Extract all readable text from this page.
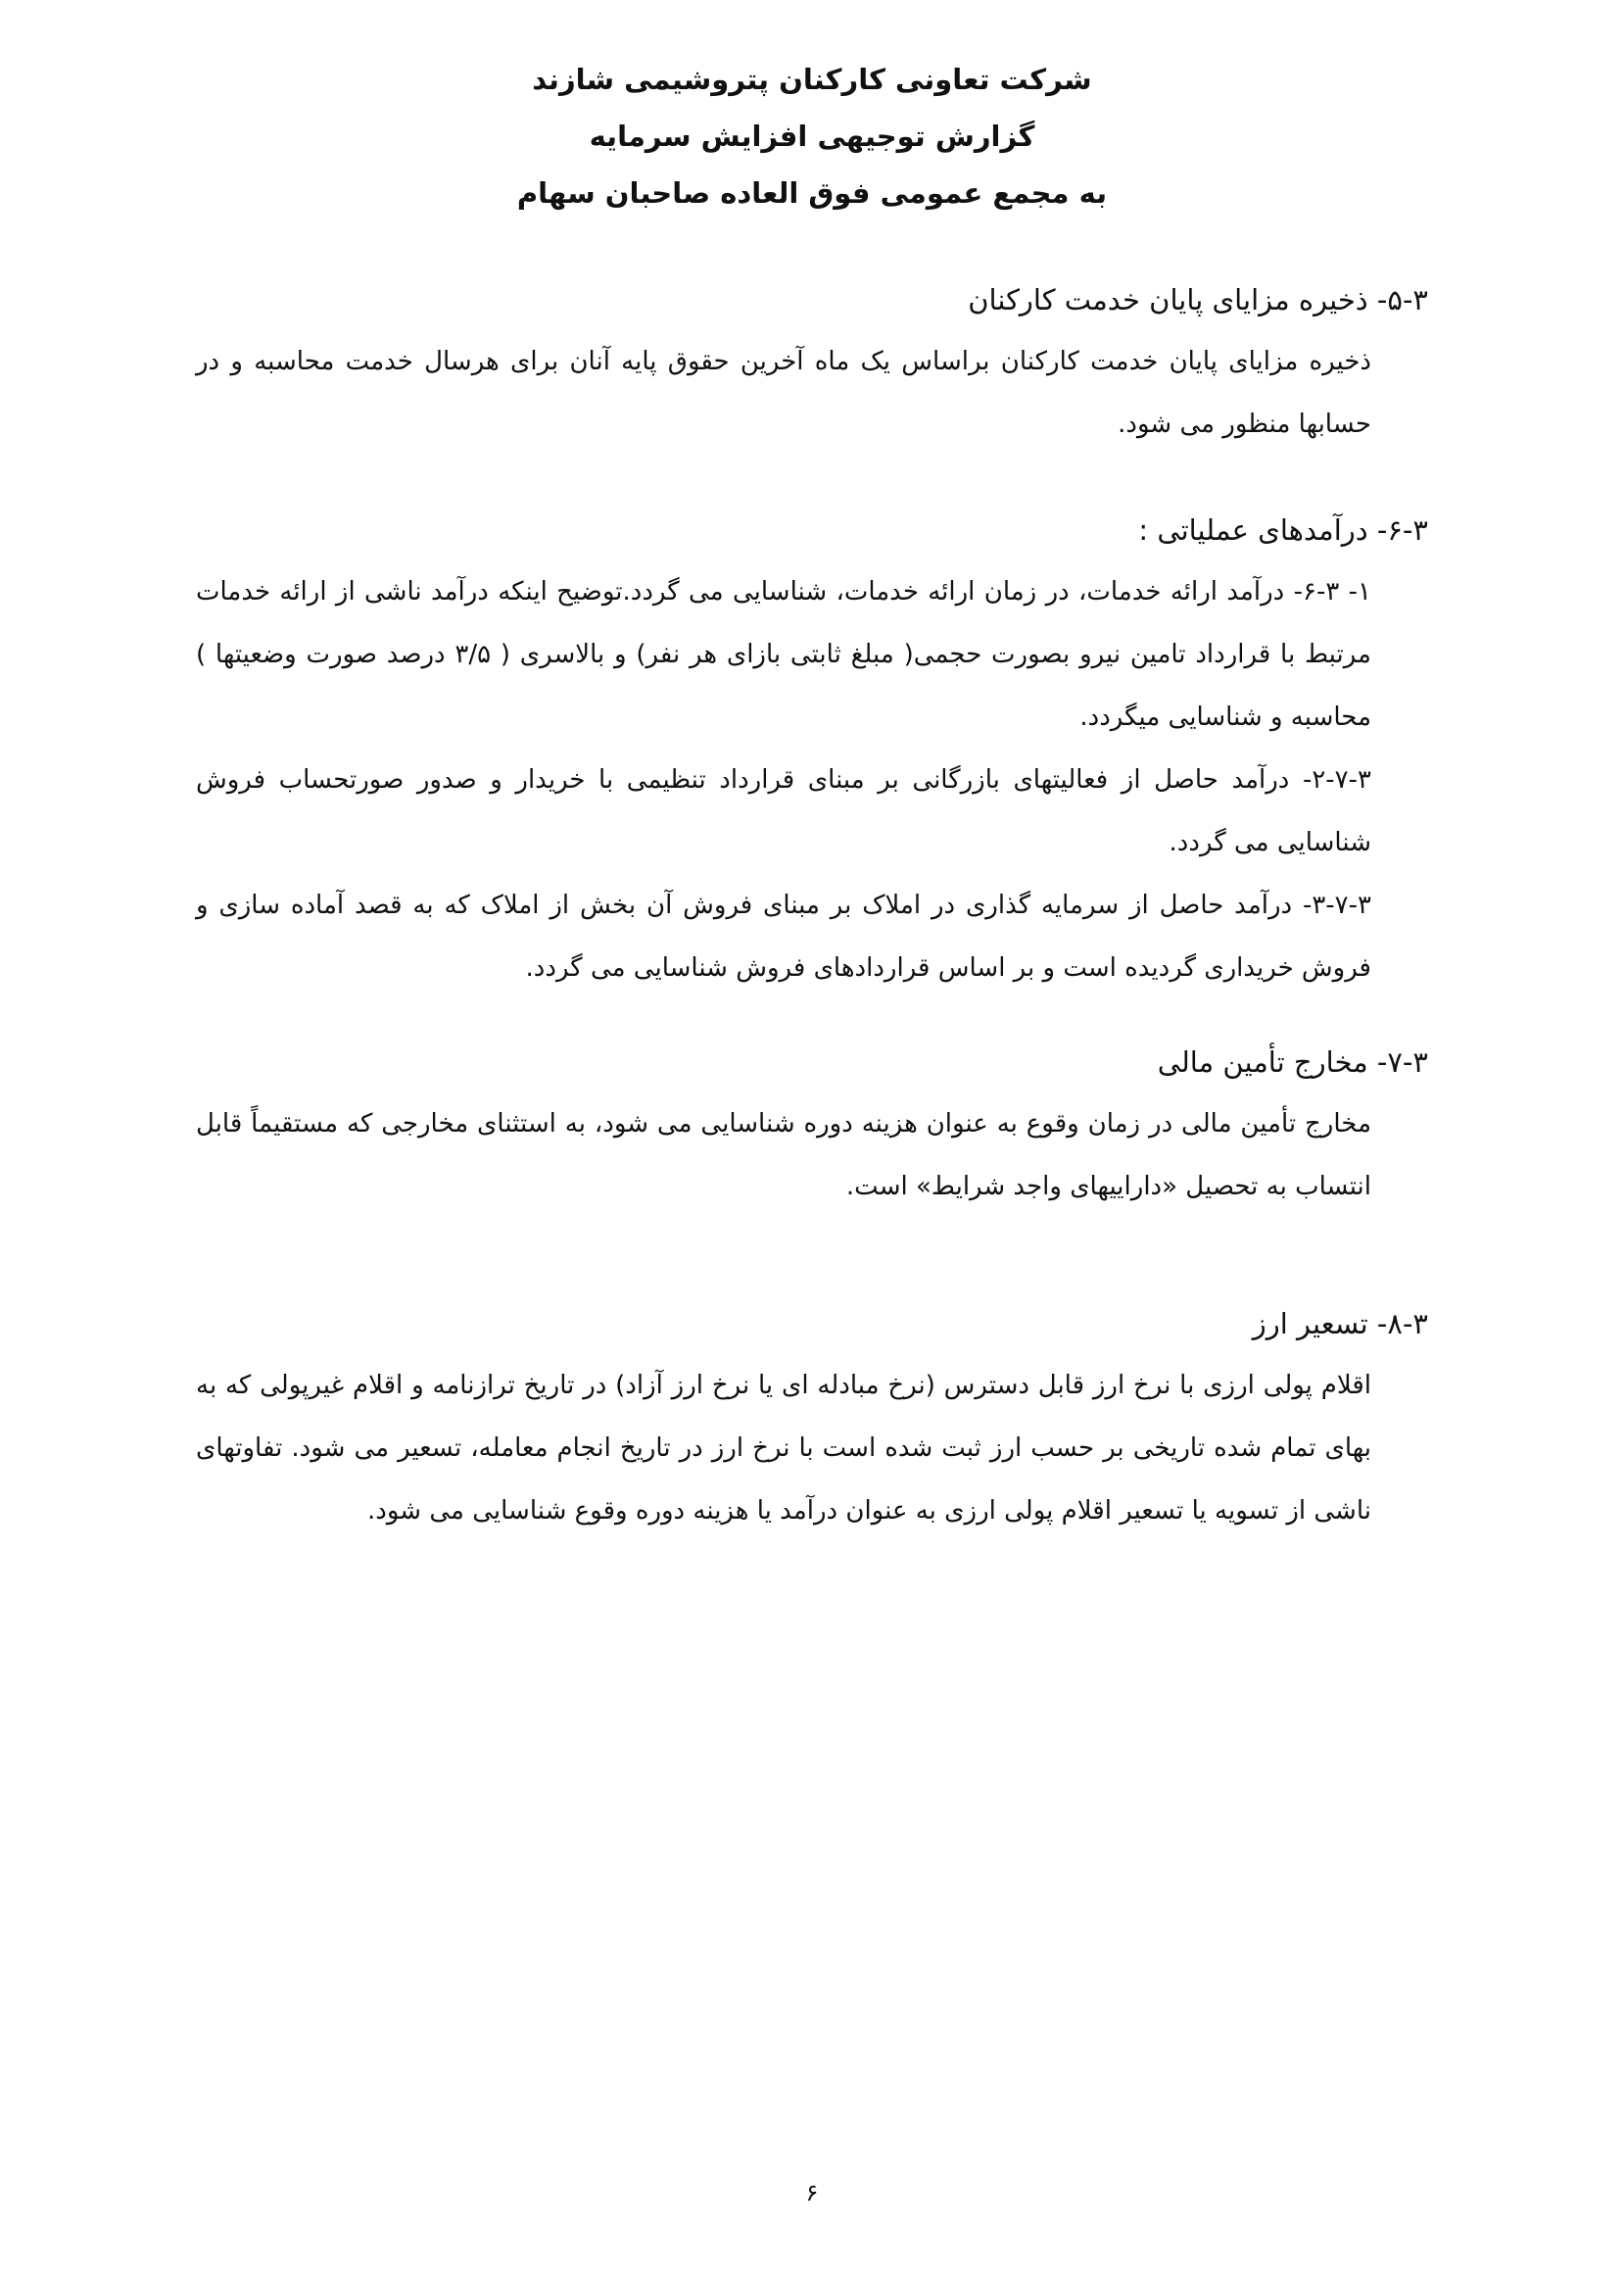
شرکت تعاونی کارکنان پتروشیمی شازند
گزارش توجیهی افزایش سرمایه
به مجمع عمومی فوق العاده صاحبان سهام
۵-۳- ذخیره مزایای پایان خدمت کارکنان
ذخیره مزایای پایان خدمت کارکنان براساس یک ماه آخرین حقوق پایه آنان برای هرسال خدمت محاسبه و در حسابها منظور می شود.
۶-۳- درآمدهای عملیاتی :
۱- ۶-۳- درآمد ارائه خدمات، در زمان ارائه خدمات، شناسایی می گردد.توضیح اینکه درآمد ناشی از ارائه خدمات مرتبط با قرارداد تامین نیرو بصورت حجمی( مبلغ ثابتی بازای هر نفر) و بالاسری ( ۳/۵ درصد صورت وضعیتها ) محاسبه و شناسایی میگردد.
۲-۷-۳- درآمد حاصل از فعالیتهای بازرگانی بر مبنای قرارداد تنظیمی با خریدار و صدور صورتحساب فروش شناسایی می گردد.
۳-۷-۳- درآمد حاصل از سرمایه گذاری در املاک بر مبنای فروش آن بخش از املاک که به قصد آماده سازی و فروش خریداری گردیده است و بر اساس قراردادهای فروش شناسایی می گردد.
۷-۳- مخارج تأمین مالی
مخارج تأمین مالی در زمان وقوع به عنوان هزینه دوره شناسایی می شود، به استثنای مخارجی که مستقیماً قابل انتساب به تحصیل «داراییهای واجد شرایط» است.
۸-۳- تسعیر ارز
اقلام پولی ارزی با نرخ ارز قابل دسترس (نرخ مبادله ای یا نرخ ارز آزاد) در تاریخ ترازنامه و اقلام غیرپولی که به بهای تمام شده تاریخی بر حسب ارز ثبت شده است با نرخ ارز در تاریخ انجام معامله، تسعیر می شود. تفاوتهای ناشی از تسویه یا تسعیر اقلام پولی ارزی به عنوان درآمد یا هزینه دوره وقوع شناسایی می شود.
۶
